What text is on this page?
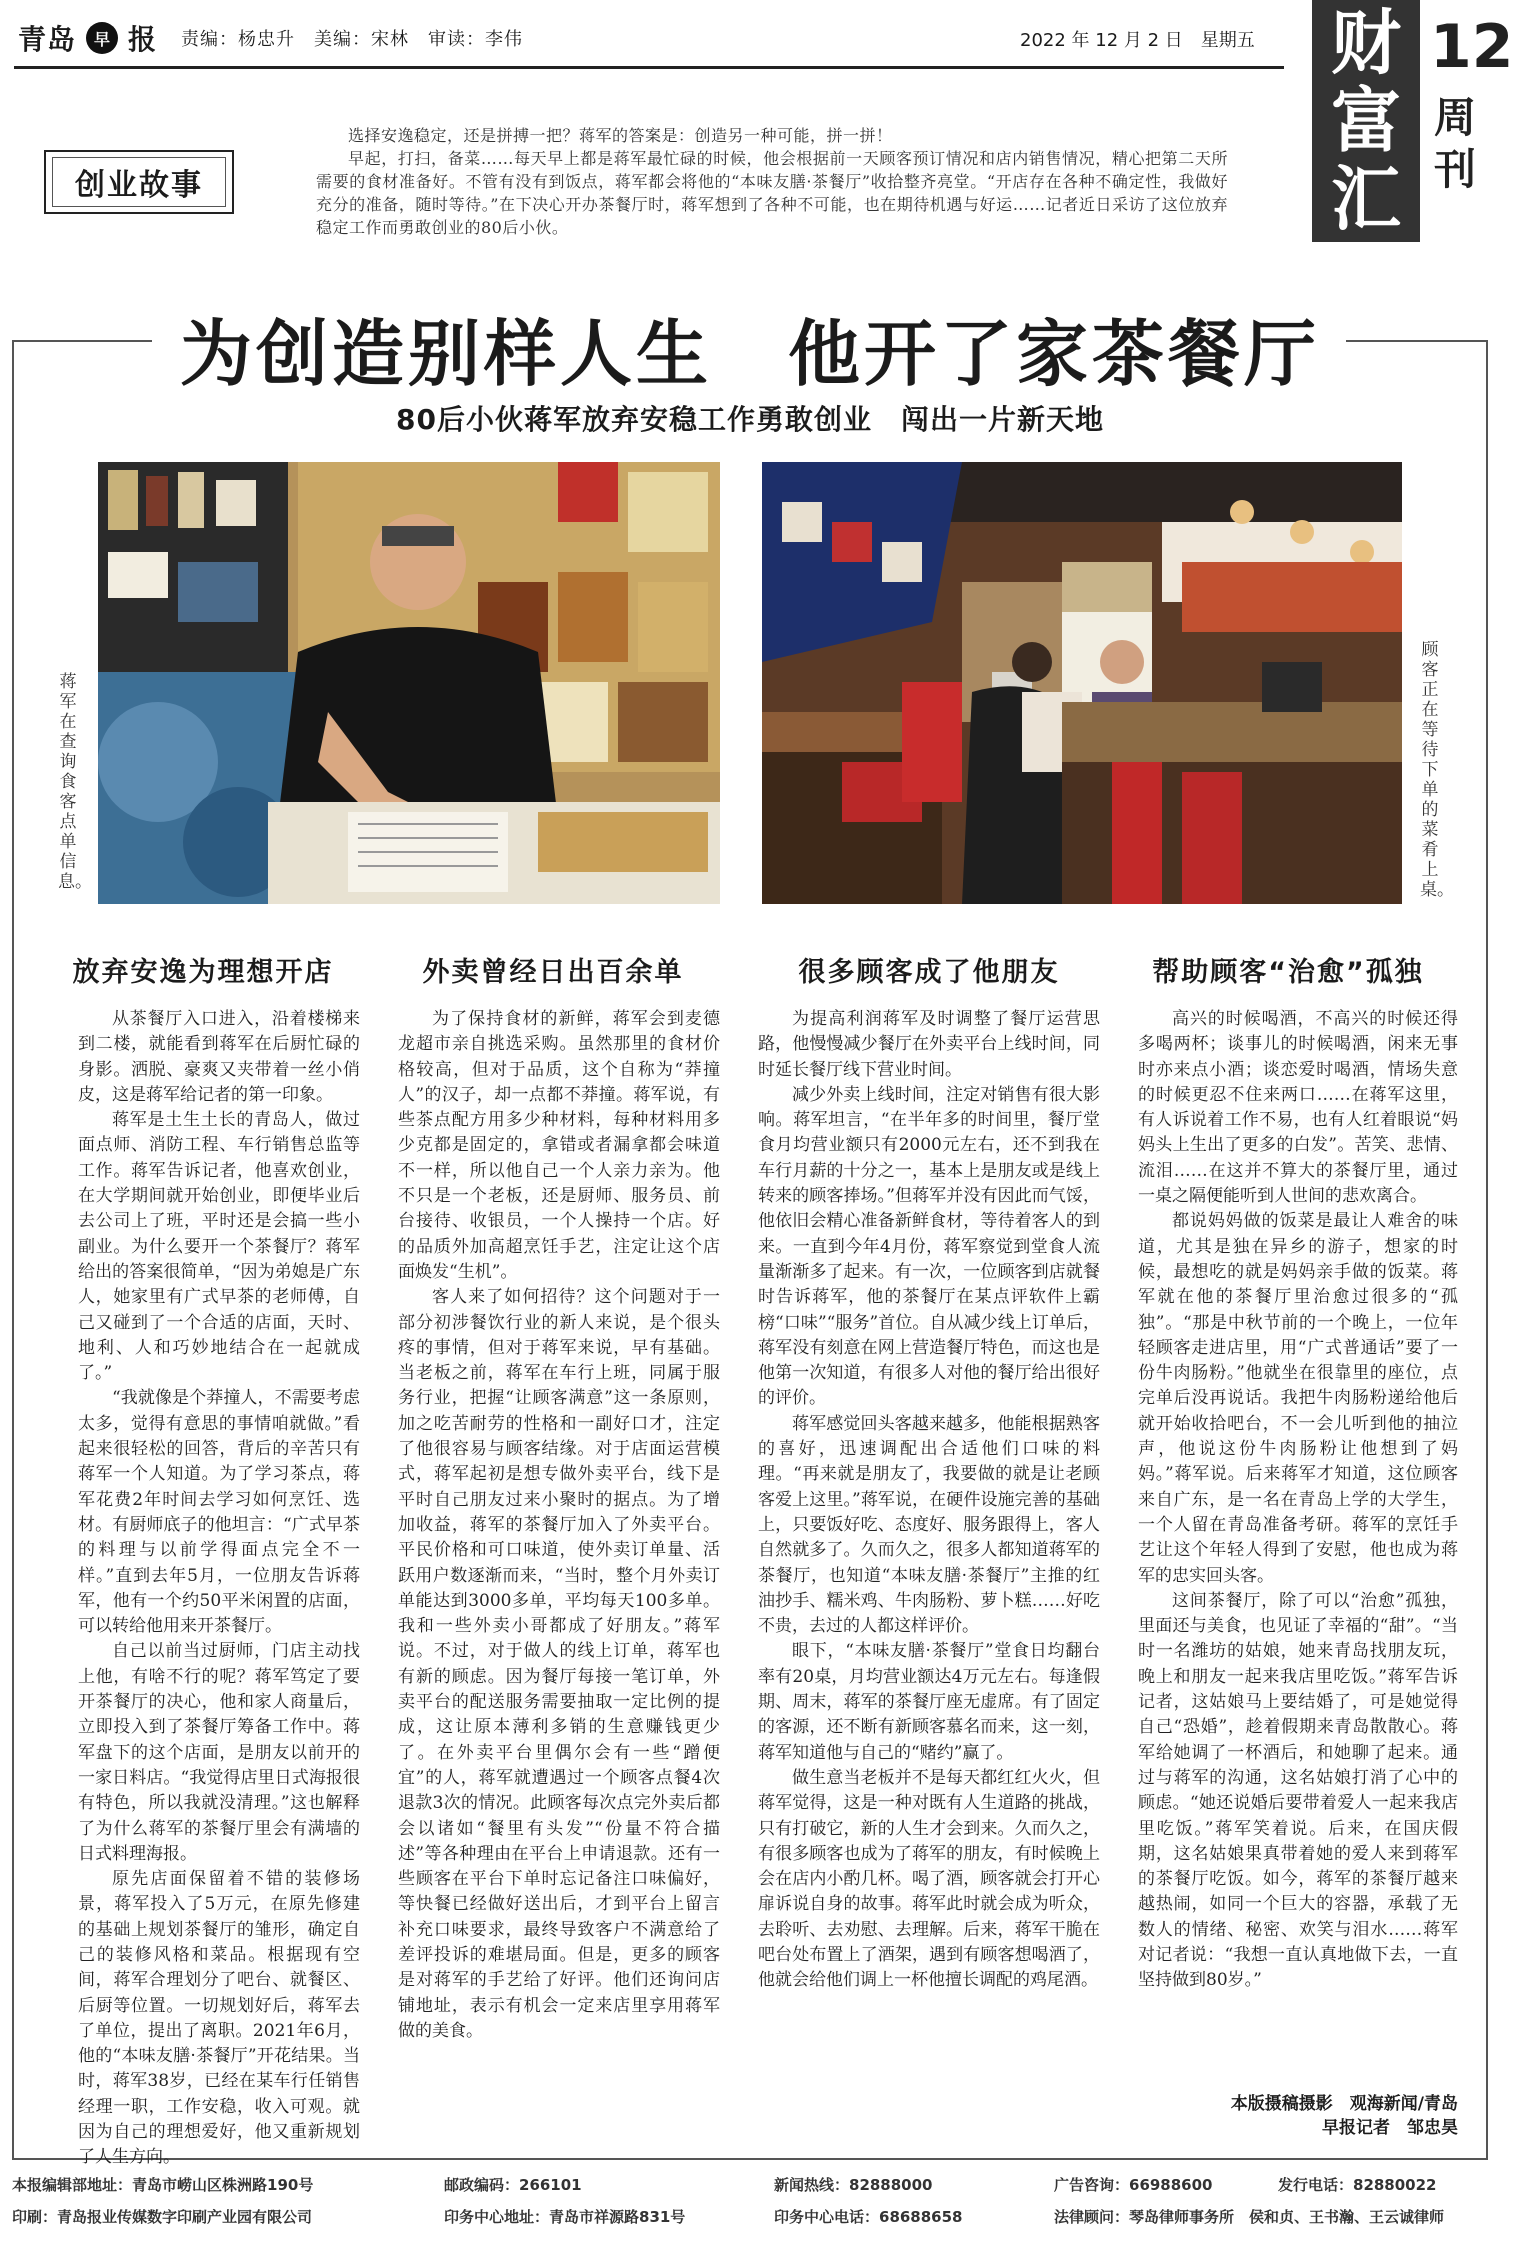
青岛	早 报 责编：杨忠升　美编：宋林　审读：李伟	2022 年 12 月 2 日　星期五 财
富
汇
12
周刊
创业故事

选择安逸稳定，还是拼搏一把？蒋军的答案是：创造另一种可能，拼一拼！

早起，打扫，备菜……每天早上都是蒋军最忙碌的时候，他会根据前一天顾客预订情况和店内销售情况，精心把第二天所需要的食材准备好。不管有没有到饭点，蒋军都会将他的“本味友膳·茶餐厅”收拾整齐亮堂。“开店存在各种不确定性，我做好充分的准备，随时等待。”在下决心开办茶餐厅时，蒋军想到了各种不可能，也在期待机遇与好运……记者近日采访了这位放弃稳定工作而勇敢创业的80后小伙。

为创造别样人生　他开了家茶餐厅
80后小伙蒋军放弃安稳工作勇敢创业　闯出一片新天地
蒋军在查询食客点单信息。
顾客正在等待下单的菜肴上桌。
放弃安逸为理想开店

从茶餐厅入口进入，沿着楼梯来到二楼，就能看到蒋军在后厨忙碌的身影。洒脱、豪爽又夹带着一丝小俏皮，这是蒋军给记者的第一印象。

蒋军是土生土长的青岛人，做过面点师、消防工程、车行销售总监等工作。蒋军告诉记者，他喜欢创业，在大学期间就开始创业，即便毕业后去公司上了班，平时还是会搞一些小副业。为什么要开一个茶餐厅？蒋军给出的答案很简单，“因为弟媳是广东人，她家里有广式早茶的老师傅，自己又碰到了一个合适的店面，天时、地利、人和巧妙地结合在一起就成了。”

“我就像是个莽撞人，不需要考虑太多，觉得有意思的事情咱就做。”看起来很轻松的回答，背后的辛苦只有蒋军一个人知道。为了学习茶点，蒋军花费2年时间去学习如何烹饪、选材。有厨师底子的他坦言：“广式早茶的料理与以前学得面点完全不一样。”直到去年5月，一位朋友告诉蒋军，他有一个约50平米闲置的店面，可以转给他用来开茶餐厅。

自己以前当过厨师，门店主动找上他，有啥不行的呢？蒋军笃定了要开茶餐厅的决心，他和家人商量后，立即投入到了茶餐厅筹备工作中。蒋军盘下的这个店面，是朋友以前开的一家日料店。“我觉得店里日式海报很有特色，所以我就没清理。”这也解释了为什么蒋军的茶餐厅里会有满墙的日式料理海报。

原先店面保留着不错的装修场景，蒋军投入了5万元，在原先修建的基础上规划茶餐厅的雏形，确定自己的装修风格和菜品。根据现有空间，蒋军合理划分了吧台、就餐区、后厨等位置。一切规划好后，蒋军去了单位，提出了离职。2021年6月，他的“本味友膳·茶餐厅”开花结果。当时，蒋军38岁，已经在某车行任销售经理一职，工作安稳，收入可观。就因为自己的理想爱好，他又重新规划了人生方向。

外卖曾经日出百余单

为了保持食材的新鲜，蒋军会到麦德龙超市亲自挑选采购。虽然那里的食材价格较高，但对于品质，这个自称为“莽撞人”的汉子，却一点都不莽撞。蒋军说，有些茶点配方用多少种材料，每种材料用多少克都是固定的，拿错或者漏拿都会味道不一样，所以他自己一个人亲力亲为。他不只是一个老板，还是厨师、服务员、前台接待、收银员，一个人操持一个店。好的品质外加高超烹饪手艺，注定让这个店面焕发“生机”。

客人来了如何招待？这个问题对于一部分初涉餐饮行业的新人来说，是个很头疼的事情，但对于蒋军来说，早有基础。当老板之前，蒋军在车行上班，同属于服务行业，把握“让顾客满意”这一条原则，加之吃苦耐劳的性格和一副好口才，注定了他很容易与顾客结缘。对于店面运营模式，蒋军起初是想专做外卖平台，线下是平时自己朋友过来小聚时的据点。为了增加收益，蒋军的茶餐厅加入了外卖平台。平民价格和可口味道，使外卖订单量、活跃用户数逐渐而来，“当时，整个月外卖订单能达到3000多单，平均每天100多单。我和一些外卖小哥都成了好朋友。”蒋军说。不过，对于做人的线上订单，蒋军也有新的顾虑。因为餐厅每接一笔订单，外卖平台的配送服务需要抽取一定比例的提成，这让原本薄利多销的生意赚钱更少了。在外卖平台里偶尔会有一些“蹭便宜”的人，蒋军就遭遇过一个顾客点餐4次退款3次的情况。此顾客每次点完外卖后都会以诸如“餐里有头发”“份量不符合描述”等各种理由在平台上申请退款。还有一些顾客在平台下单时忘记备注口味偏好，等快餐已经做好送出后，才到平台上留言补充口味要求，最终导致客户不满意给了差评投诉的难堪局面。但是，更多的顾客是对蒋军的手艺给了好评。他们还询问店铺地址，表示有机会一定来店里享用蒋军做的美食。

很多顾客成了他朋友

为提高利润蒋军及时调整了餐厅运营思路，他慢慢减少餐厅在外卖平台上线时间，同时延长餐厅线下营业时间。

减少外卖上线时间，注定对销售有很大影响。蒋军坦言，“在半年多的时间里，餐厅堂食月均营业额只有2000元左右，还不到我在车行月薪的十分之一，基本上是朋友或是线上转来的顾客捧场。”但蒋军并没有因此而气馁，他依旧会精心准备新鲜食材，等待着客人的到来。一直到今年4月份，蒋军察觉到堂食人流量渐渐多了起来。有一次，一位顾客到店就餐时告诉蒋军，他的茶餐厅在某点评软件上霸榜“口味”“服务”首位。自从减少线上订单后，蒋军没有刻意在网上营造餐厅特色，而这也是他第一次知道，有很多人对他的餐厅给出很好的评价。

蒋军感觉回头客越来越多，他能根据熟客的喜好，迅速调配出合适他们口味的料理。“再来就是朋友了，我要做的就是让老顾客爱上这里。”蒋军说，在硬件设施完善的基础上，只要饭好吃、态度好、服务跟得上，客人自然就多了。久而久之，很多人都知道蒋军的茶餐厅，也知道“本味友膳·茶餐厅”主推的红油抄手、糯米鸡、牛肉肠粉、萝卜糕……好吃不贵，去过的人都这样评价。

眼下，“本味友膳·茶餐厅”堂食日均翻台率有20桌，月均营业额达4万元左右。每逢假期、周末，蒋军的茶餐厅座无虚席。有了固定的客源，还不断有新顾客慕名而来，这一刻，蒋军知道他与自己的“赌约”赢了。

做生意当老板并不是每天都红红火火，但蒋军觉得，这是一种对既有人生道路的挑战，只有打破它，新的人生才会到来。久而久之，有很多顾客也成为了蒋军的朋友，有时候晚上会在店内小酌几杯。喝了酒，顾客就会打开心扉诉说自身的故事。蒋军此时就会成为听众，去聆听、去劝慰、去理解。后来，蒋军干脆在吧台处布置上了酒架，遇到有顾客想喝酒了，他就会给他们调上一杯他擅长调配的鸡尾酒。

帮助顾客“治愈”孤独

高兴的时候喝酒，不高兴的时候还得多喝两杯；谈事儿的时候喝酒，闲来无事时亦来点小酒；谈恋爱时喝酒，情场失意的时候更忍不住来两口……在蒋军这里，有人诉说着工作不易，也有人红着眼说“妈妈头上生出了更多的白发”。苦笑、悲情、流泪……在这并不算大的茶餐厅里，通过一桌之隔便能听到人世间的悲欢离合。

都说妈妈做的饭菜是最让人难舍的味道，尤其是独在异乡的游子，想家的时候，最想吃的就是妈妈亲手做的饭菜。蒋军就在他的茶餐厅里治愈过很多的“孤独”。“那是中秋节前的一个晚上，一位年轻顾客走进店里，用“广式普通话”要了一份牛肉肠粉。”他就坐在很靠里的座位，点完单后没再说话。我把牛肉肠粉递给他后就开始收拾吧台，不一会儿听到他的抽泣声，他说这份牛肉肠粉让他想到了妈妈。”蒋军说。后来蒋军才知道，这位顾客来自广东，是一名在青岛上学的大学生，一个人留在青岛准备考研。蒋军的烹饪手艺让这个年轻人得到了安慰，他也成为蒋军的忠实回头客。

这间茶餐厅，除了可以“治愈”孤独，里面还与美食，也见证了幸福的“甜”。“当时一名潍坊的姑娘，她来青岛找朋友玩，晚上和朋友一起来我店里吃饭。”蒋军告诉记者，这姑娘马上要结婚了，可是她觉得自己“恐婚”，趁着假期来青岛散散心。蒋军给她调了一杯酒后，和她聊了起来。通过与蒋军的沟通，这名姑娘打消了心中的顾虑。“她还说婚后要带着爱人一起来我店里吃饭。”蒋军笑着说。后来，在国庆假期，这名姑娘果真带着她的爱人来到蒋军的茶餐厅吃饭。如今，蒋军的茶餐厅越来越热闹，如同一个巨大的容器，承载了无数人的情绪、秘密、欢笑与泪水……蒋军对记者说：“我想一直认真地做下去，一直坚持做到80岁。”

本版摄稿摄影　观海新闻/青岛
早报记者　邹忠昊
本报编辑部地址：青岛市崂山区株洲路190号	邮政编码：266101	新闻热线：82888000	广告咨询：66988600	发行电话：82880022
印刷：青岛报业传媒数字印刷产业园有限公司	印务中心地址：青岛市祥源路831号	印务中心电话：68688658	法律顾问：琴岛律师事务所　侯和贞、王书瀚、王云诚律师
